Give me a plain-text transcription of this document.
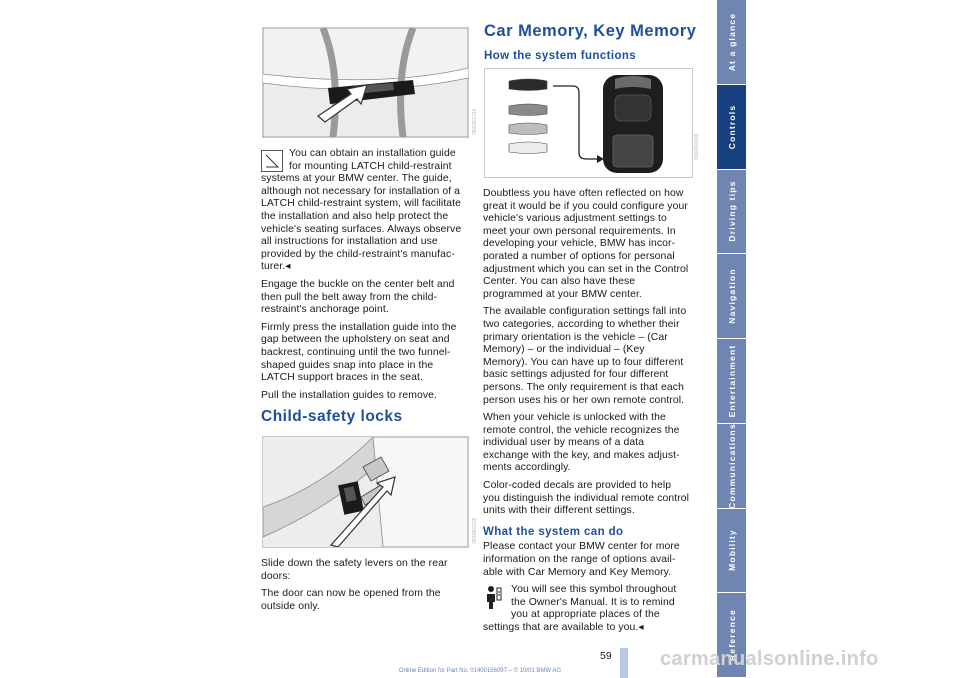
390DE0316

You can obtain an installation guide for mounting LATCH child-restraint systems at your BMW center. The guide, although not necessary for installation of a LATCH child-restraint system, will facilitate the installation and also help protect the vehicle's seating surfaces. Always observe all instructions for installation and use provided by the child-restraint's manufac-turer.◂

Engage the buckle on the center belt and then pull the belt away from the child-restraint's anchorage point.

Firmly press the installation guide into the gap between the upholstery on seat and backrest, continuing until the two funnel-shaped guides snap into place in the LATCH support braces in the seat.

Pull the installation guides to remove.

Child-safety locks
390DE0305

Slide down the safety levers on the rear doors:

The door can now be opened from the outside only.

Car Memory, Key Memory
How the system functions
390DE0306

Doubtless you have often reflected on how great it would be if you could configure your vehicle's various adjustment settings to meet your own personal requirements. In developing your vehicle, BMW has incor-porated a number of options for personal adjustment which you can set in the Control Center. You can also have these programmed at your BMW center.

The available configuration settings fall into two categories, according to whether their primary orientation is the vehicle – (Car Memory) – or the individual – (Key Memory). You can have up to four different basic settings adjusted for four different persons. The only requirement is that each person uses his or her own remote control.

When your vehicle is unlocked with the remote control, the vehicle recognizes the individual user by means of a data exchange with the key, and makes adjust-ments accordingly.

Color-coded decals are provided to help you distinguish the individual remote control units with their different settings.

What the system can do

Please contact your BMW center for more information on the range of options avail-able with Car Memory and Key Memory.

You will see this symbol throughout the Owner's Manual. It is to remind you at appropriate places of the settings that are available to you.◂

At a glance
Controls
Driving tips
Navigation
Entertainment
Communications
Mobility
Reference
59 carmanualsonline.info
Online Edition for Part No. 01400156097 – © 10/01 BMW AG
